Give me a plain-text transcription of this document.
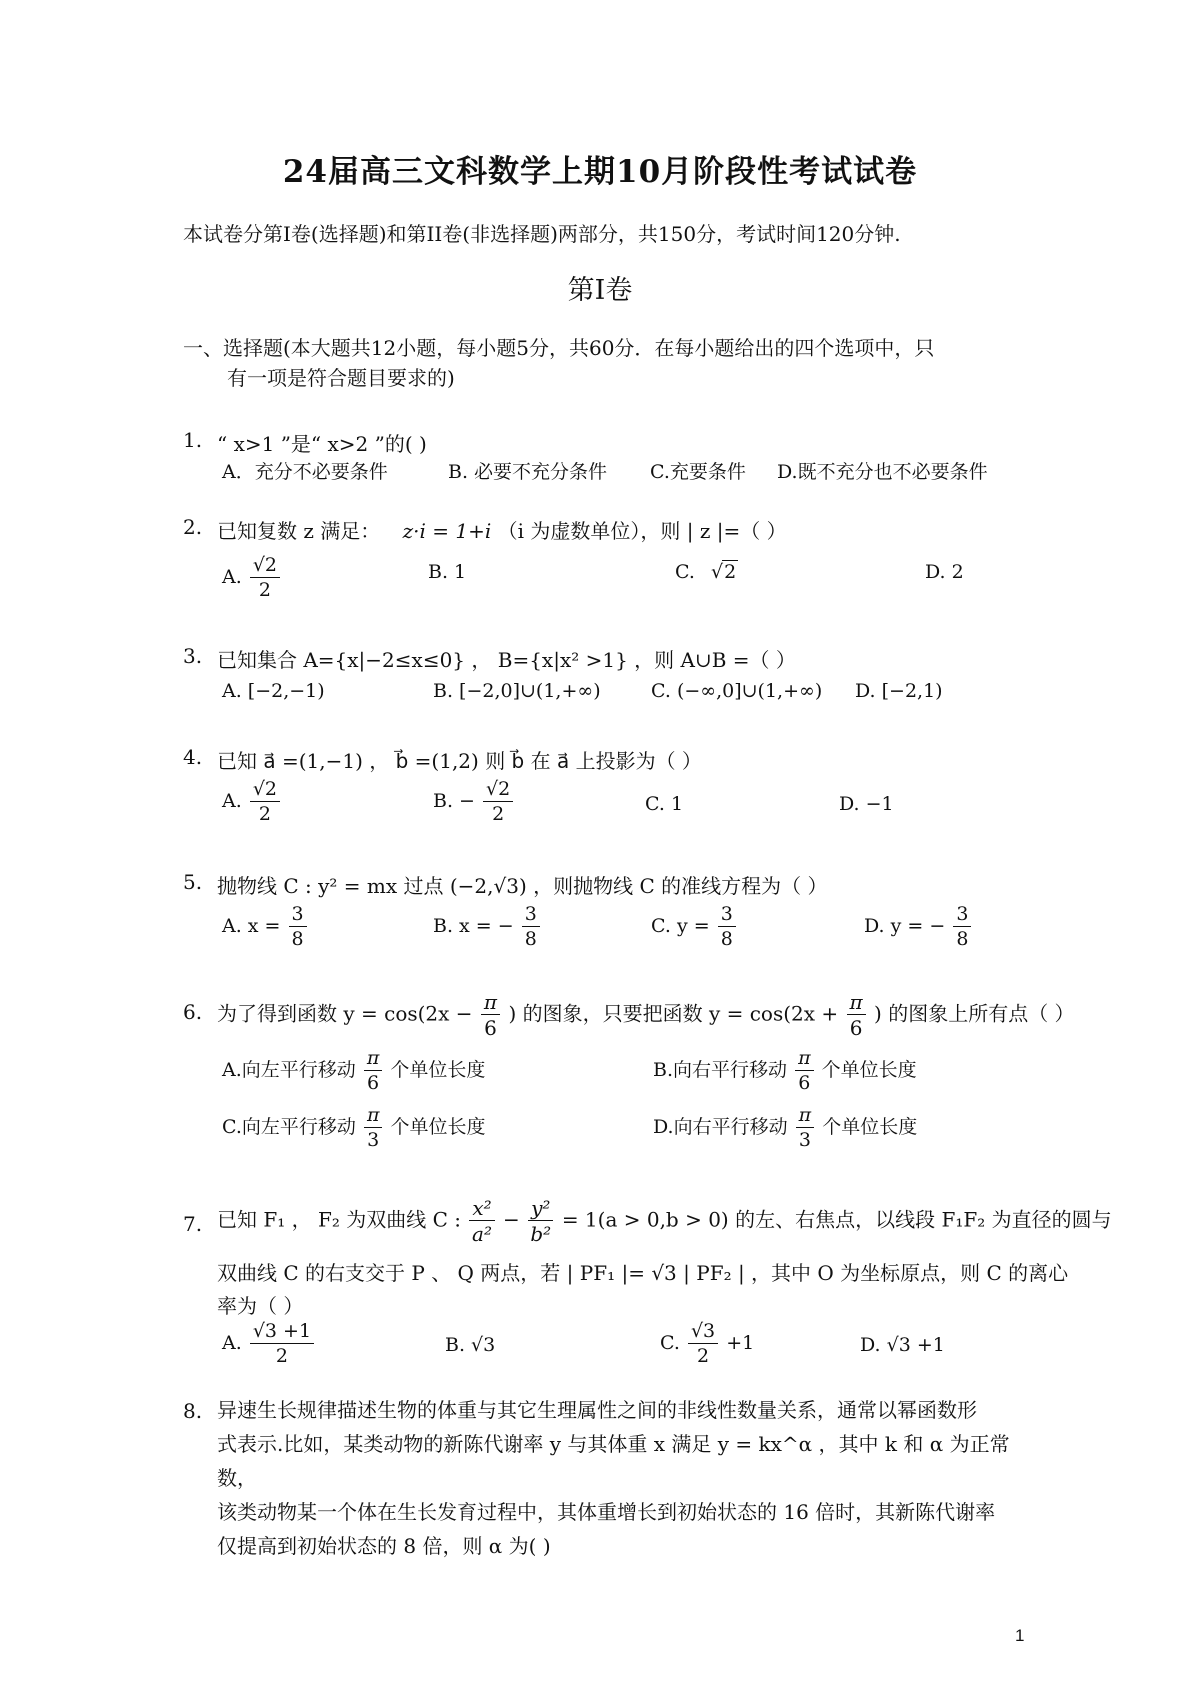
24届高三文科数学上期10月阶段性考试试卷
本试卷分第I卷(选择题)和第II卷(非选择题)两部分，共150分，考试时间120分钟.
第I卷
一、选择题(本大题共12小题，每小题5分，共60分．在每小题给出的四个选项中，只
有一项是符合题目要求的)
1. “ x>1 ”是“ x>2 ”的( )
A．充分不必要条件	B. 必要不充分条件 C.充要条件 D.既不充分也不必要条件
2. 已知复数 z 满足： z·i = 1+i （i 为虚数单位），则 | z |=（ ）
A. $\frac{√2}{2}$	B. 1	C. √2	D. 2
3. 已知集合 A={x|−2≤x≤0} ， B={x|x² >1} ，则 A∪B =（ ）
A. [−2,−1)	B. [−2,0]∪(1,+∞)	C. (−∞,0]∪(1,+∞) D. [−2,1)
4. 已知 a⃗ =(1,−1) ， b⃗ =(1,2) 则 b⃗ 在 a⃗ 上投影为（ ）
A. $\frac{√2}{2}$	B. − $\frac{√2}{2}$	C. 1	D. −1
5. 抛物线 C : y² = mx 过点 (−2,√3) ，则抛物线 C 的准线方程为（ ）
A. $x = \frac{3}{8}$	B. x = − $\frac{3}{8}$	C. $y = \frac{3}{8}$	D. y = − $\frac{3}{8}$
6. 为了得到函数 $y = \cos(2x - \frac{\pi}{6}$ ) 的图象，只要把函数 $y = \cos(2x + \frac{\pi}{6}$ ) 的图象上所有点（ ）
A.向左平行移动 $\frac{\pi}{6}$ 个单位长度	B.向右平行移动 $\frac{\pi}{6}$ 个单位长度
C.向左平行移动 $\frac{\pi}{3}$ 个单位长度	D.向右平行移动 $\frac{\pi}{3}$ 个单位长度
7. 已知 F₁ ， F₂ 为双曲线 C : $\frac{\text{x²}}{\text{a²}} - \frac{\text{y²}}{\text{b²}} = 1(a > 0,b > 0)$ 的左、右焦点，以线段 F₁F₂ 为直径的圆与
双曲线 C 的右支交于 P 、 Q 两点，若 | PF₁ |= √3 | PF₂ | ，其中 O 为坐标原点，则 C 的离心
率为（ ）
A. $\frac{√3 +1}{2}$	B. √3	C. $\frac{√3}{2} +1$	D. √3 +1
8. 异速生长规律描述生物的体重与其它生理属性之间的非线性数量关系，通常以幂函数形
式表示.比如，某类动物的新陈代谢率 y 与其体重 x 满足 y = kx^α ，其中 k 和 α 为正常数，
该类动物某一个体在生长发育过程中，其体重增长到初始状态的 16 倍时，其新陈代谢率
仅提高到初始状态的 8 倍，则 α 为( )
1
